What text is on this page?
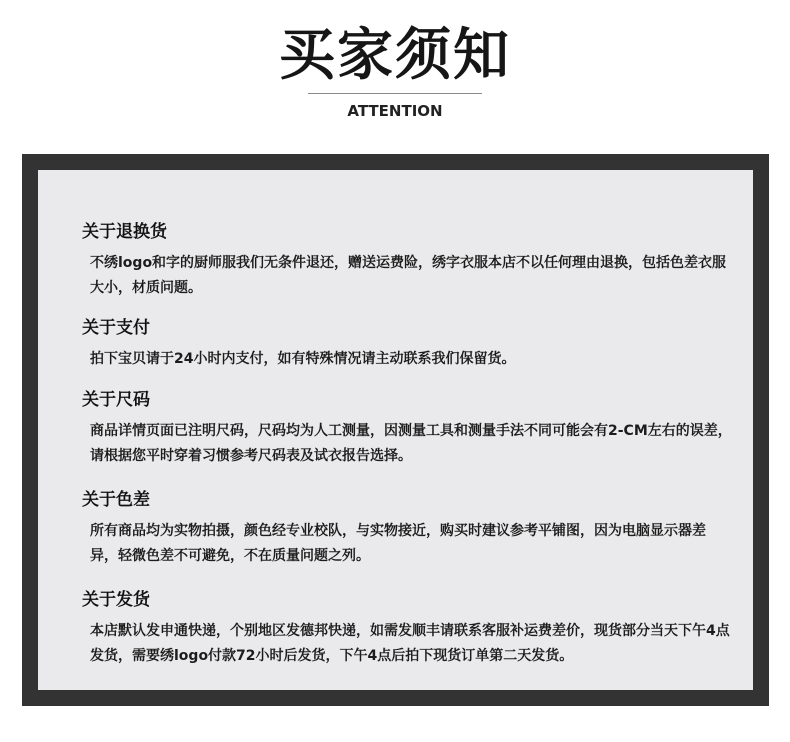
买家须知
ATTENTION
关于退换货

不绣logo和字的厨师服我们无条件退还，赠送运费险，绣字衣服本店不以任何理由退换，包括色差衣服大小，材质问题。

关于支付

拍下宝贝请于24小时内支付，如有特殊情况请主动联系我们保留货。

关于尺码

商品详情页面已注明尺码，尺码均为人工测量，因测量工具和测量手法不同可能会有2-CM左右的误差，请根据您平时穿着习惯参考尺码表及试衣报告选择。

关于色差

所有商品均为实物拍摄，颜色经专业校队，与实物接近，购买时建议参考平铺图，因为电脑显示器差异，轻微色差不可避免，不在质量问题之列。

关于发货

本店默认发申通快递，个别地区发德邦快递，如需发顺丰请联系客服补运费差价，现货部分当天下午4点发货，需要绣logo付款72小时后发货，下午4点后拍下现货订单第二天发货。
